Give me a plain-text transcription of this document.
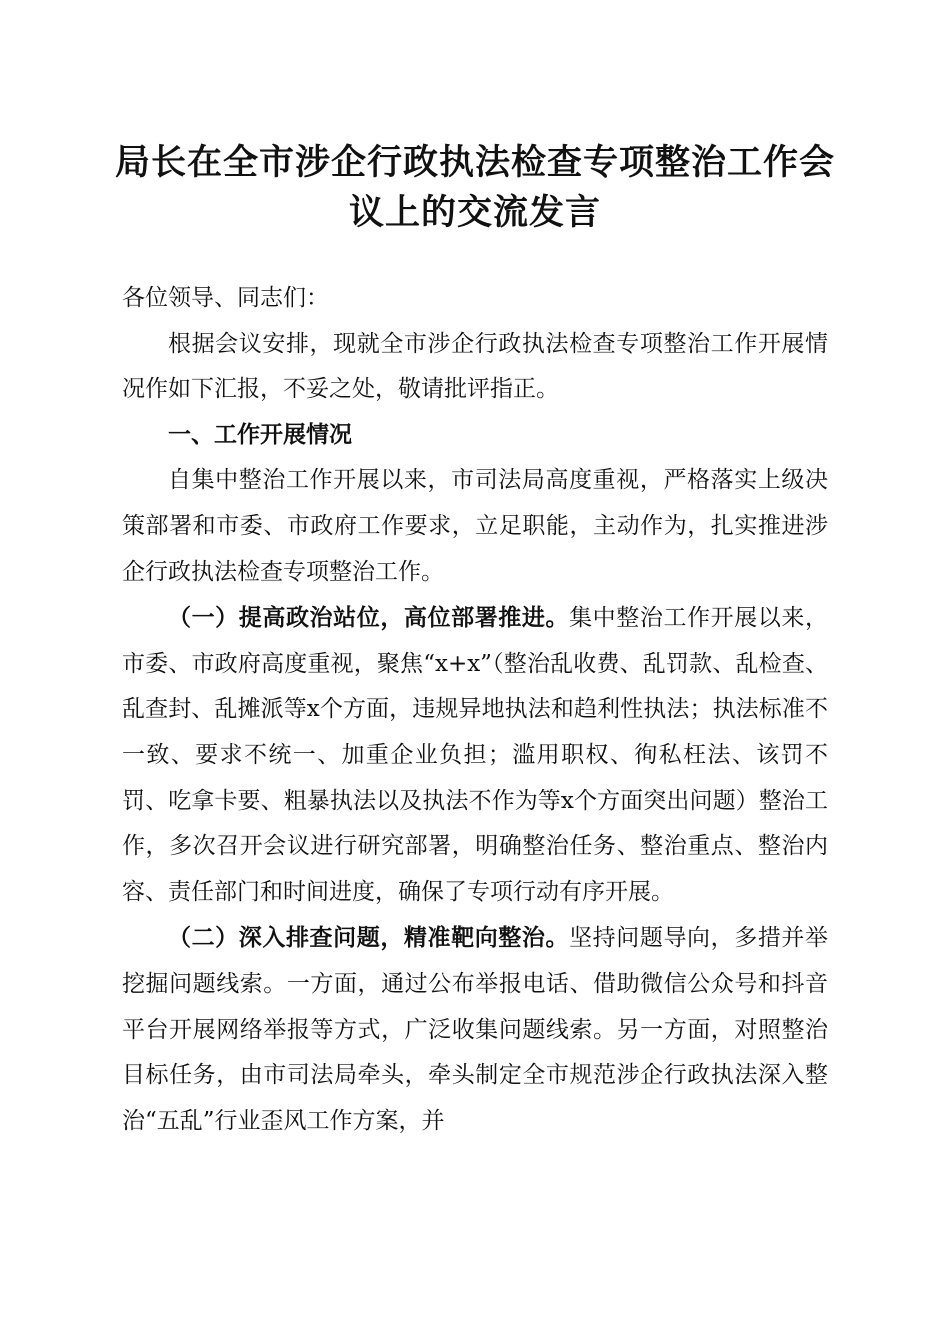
局长在全市涉企行政执法检查专项整治工作会
议上的交流发言

各位领导、同志们：

根据会议安排，现就全市涉企行政执法检查专项整治工作开展情况作如下汇报，不妥之处，敬请批评指正。

一、工作开展情况

自集中整治工作开展以来，市司法局高度重视，严格落实上级决策部署和市委、市政府工作要求，立足职能，主动作为，扎实推进涉企行政执法检查专项整治工作。

（一）提高政治站位，高位部署推进。集中整治工作开展以来，市委、市政府高度重视，聚焦“x+x”（整治乱收费、乱罚款、乱检查、乱查封、乱摊派等x个方面，违规异地执法和趋利性执法；执法标准不一致、要求不统一、加重企业负担；滥用职权、徇私枉法、该罚不罚、吃拿卡要、粗暴执法以及执法不作为等x个方面突出问题）整治工作，多次召开会议进行研究部署，明确整治任务、整治重点、整治内容、责任部门和时间进度，确保了专项行动有序开展。

（二）深入排查问题，精准靶向整治。坚持问题导向，多措并举挖掘问题线索。一方面，通过公布举报电话、借助微信公众号和抖音平台开展网络举报等方式，广泛收集问题线索。另一方面，对照整治目标任务，由市司法局牵头，牵头制定全市规范涉企行政执法深入整治“五乱”行业歪风工作方案，并
